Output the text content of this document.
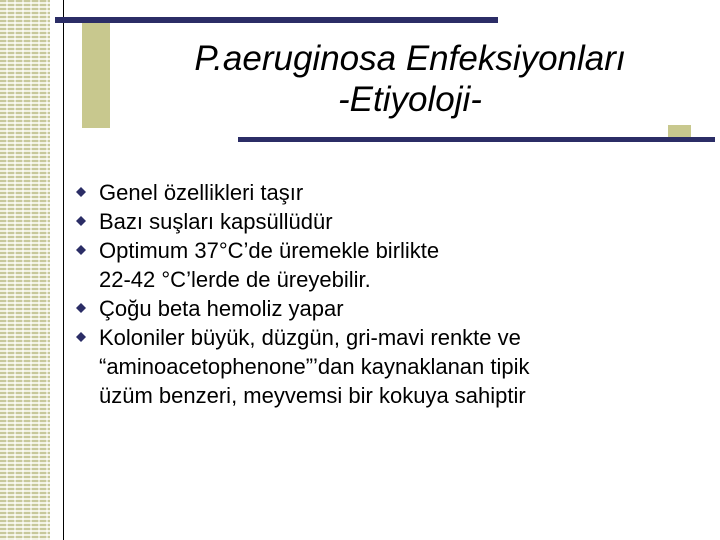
P.aeruginosa Enfeksiyonları
-Etiyoloji-
Genel özellikleri taşır
Bazı suşları kapsüllüdür
Optimum 37°C’de üremekle birlikte
22-42 °C’lerde de üreyebilir.
Çoğu beta hemoliz yapar
Koloniler büyük, düzgün, gri-mavi renkte ve
“aminoacetophenone”’dan kaynaklanan tipik
üzüm benzeri, meyvemsi bir kokuya sahiptir
